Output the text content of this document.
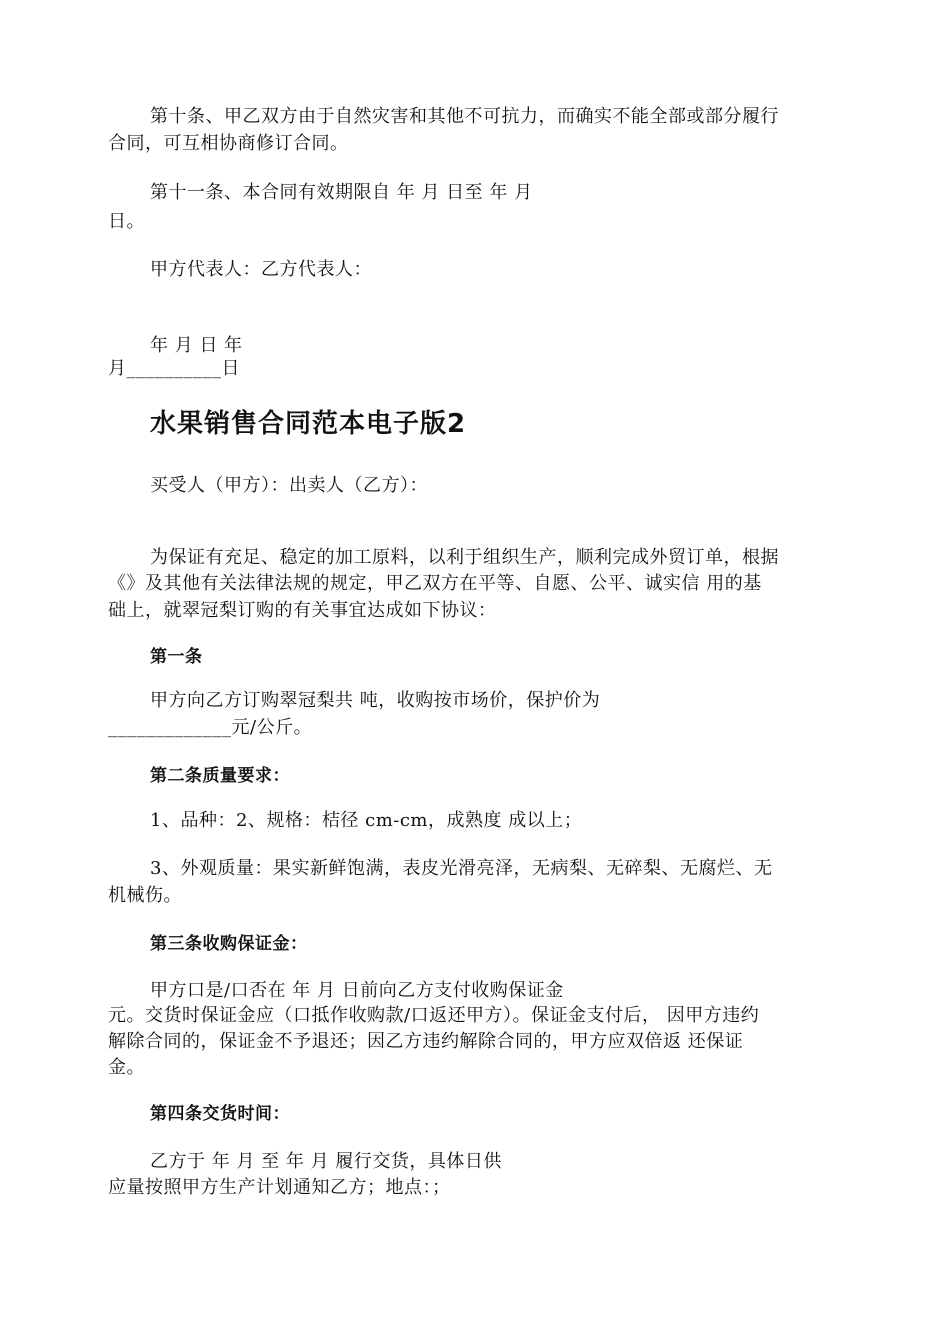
第十条、甲乙双方由于自然灾害和其他不可抗力，而确实不能全部或部分履行
合同，可互相协商修订合同。
第十一条、本合同有效期限自 年 月 日至 年 月
日。
甲方代表人：乙方代表人：
年 月 日 年
月__________日
水果销售合同范本电子版2
买受人（甲方）：出卖人（乙方）：
为保证有充足、稳定的加工原料，以利于组织生产，顺利完成外贸订单，根据
《》及其他有关法律法规的规定，甲乙双方在平等、自愿、公平、诚实信 用的基
础上，就翠冠梨订购的有关事宜达成如下协议：
第一条
甲方向乙方订购翠冠梨共 吨，收购按市场价，保护价为
_____________元/公斤。
第二条质量要求：
1、品种：2、规格：桔径 cm-cm，成熟度 成以上；
3、外观质量：果实新鲜饱满，表皮光滑亮泽，无病梨、无碎梨、无腐烂、无
机械伤。
第三条收购保证金：
甲方口是/口否在 年 月 日前向乙方支付收购保证金
元。交货时保证金应（口抵作收购款/口返还甲方）。保证金支付后， 因甲方违约
解除合同的，保证金不予退还；因乙方违约解除合同的，甲方应双倍返 还保证
金。
第四条交货时间：
乙方于 年 月 至 年 月 履行交货，具体日供
应量按照甲方生产计划通知乙方；地点：；
